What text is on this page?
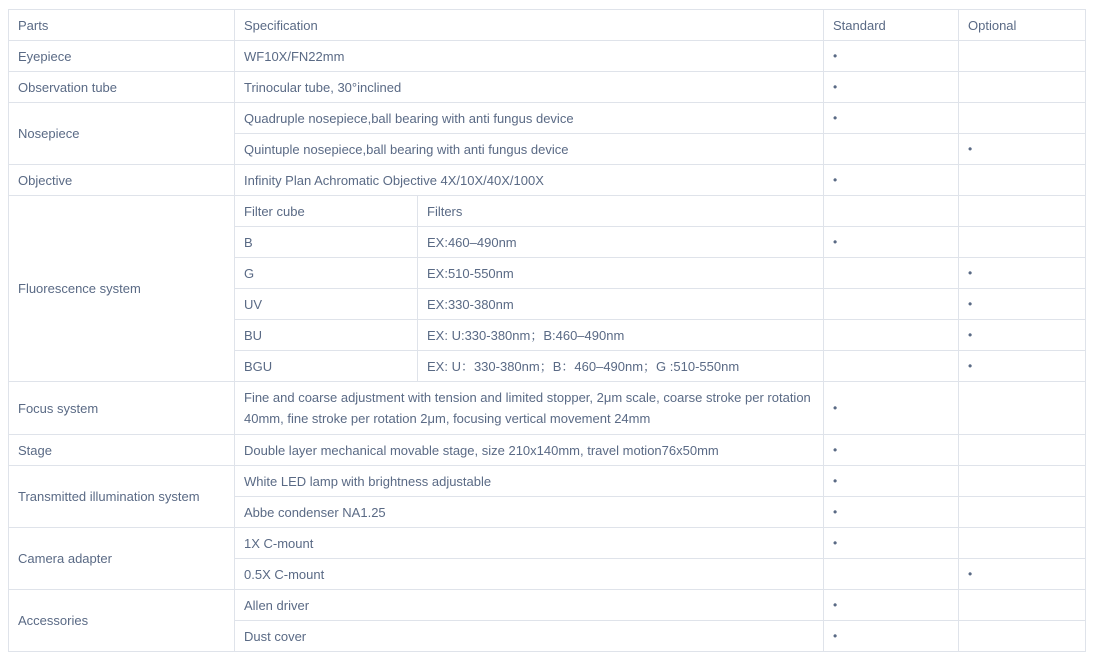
Parts	Specification		Standard	Optional
Eyepiece	WF10X/FN22mm		•	
Observation tube	Trinocular tube, 30°inclined		•	
Nosepiece	Quadruple nosepiece,ball bearing with anti fungus device		•	
	Quintuple nosepiece,ball bearing with anti fungus device			•
Objective	Infinity Plan Achromatic Objective 4X/10X/40X/100X		•	
Fluorescence system	Filter cube	Filters		
	B	EX:460–490nm	•	
	G	EX:510-550nm		•
	UV	EX:330-380nm		•
	BU	EX: U:330-380nm；B:460–490nm		•
	BGU	EX: U：330-380nm；B：460–490nm；G :510-550nm		•
Focus system	Fine and coarse adjustment with tension and limited stopper, 2μm scale, coarse stroke per rotation 40mm, fine stroke per rotation 2μm, focusing vertical movement 24mm		•	
Stage	Double layer mechanical movable stage, size 210x140mm, travel motion76x50mm		•	
Transmitted illumination system	White LED lamp with brightness adjustable		•	
	Abbe condenser NA1.25		•	
Camera adapter	1X C-mount		•	
	0.5X C-mount			•
Accessories	Allen driver		•	
	Dust cover		•	
